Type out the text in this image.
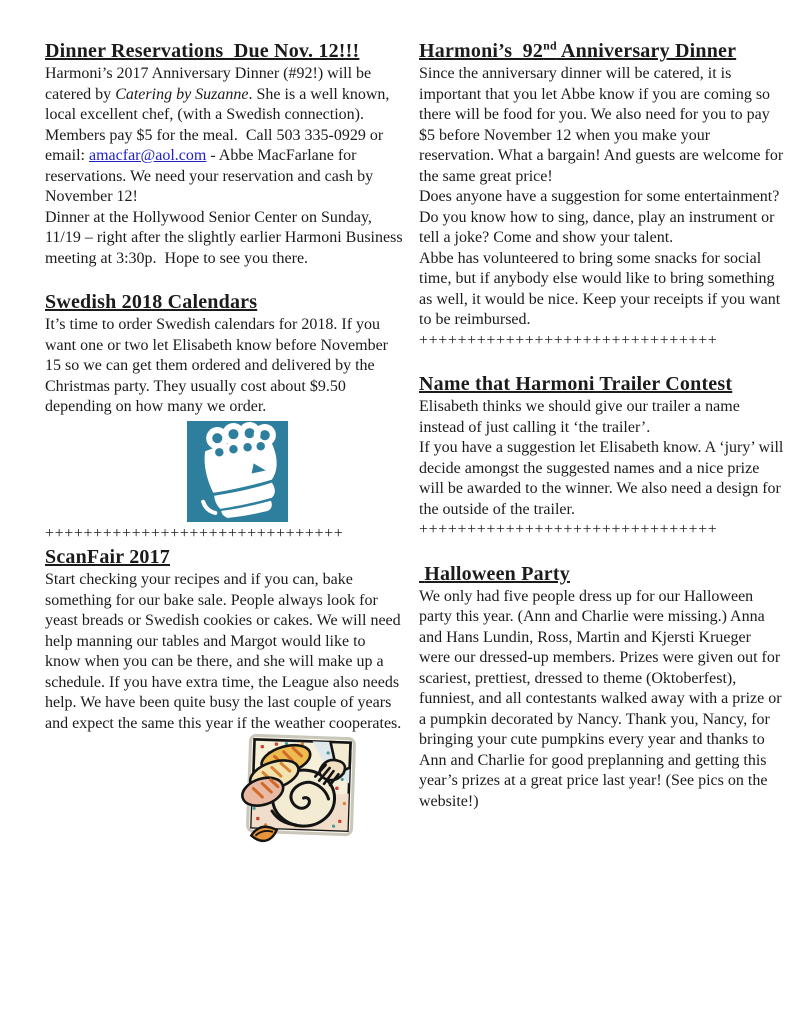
Dinner Reservations  Due Nov. 12!!!

Harmoni’s 2017 Anniversary Dinner (#92!) will be catered by Catering by Suzanne. She is a well known, local excellent chef, (with a Swedish connection).

Members pay $5 for the meal.  Call 503 335-0929 or email: amacfar@aol.com - Abbe MacFarlane for reservations. We need your reservation and cash by November 12!

Dinner at the Hollywood Senior Center on Sunday, 11/19 – right after the slightly earlier Harmoni Business meeting at 3:30p.  Hope to see you there.

Swedish 2018 Calendars

It’s time to order Swedish calendars for 2018. If you want one or two let Elisabeth know before November 15 so we can get them ordered and delivered by the Christmas party. They usually cost about $9.50 depending on how many we order.

+++++++++++++++++++++++++++++++
ScanFair 2017

Start checking your recipes and if you can, bake something for our bake sale. People always look for yeast breads or Swedish cookies or cakes. We will need help manning our tables and Margot would like to know when you can be there, and she will make up a schedule. If you have extra time, the League also needs help. We have been quite busy the last couple of years and expect the same this year if the weather cooperates.

Harmoni’s  92nd Anniversary Dinner

Since the anniversary dinner will be catered, it is important that you let Abbe know if you are coming so there will be food for you. We also need for you to pay $5 before November 12 when you make your reservation. What a bargain! And guests are welcome for the same great price!

Does anyone have a suggestion for some entertainment? Do you know how to sing, dance, play an instrument or tell a joke? Come and show your talent.

Abbe has volunteered to bring some snacks for social time, but if anybody else would like to bring something as well, it would be nice. Keep your receipts if you want to be reimbursed.

+++++++++++++++++++++++++++++++
Name that Harmoni Trailer Contest

Elisabeth thinks we should give our trailer a name instead of just calling it ‘the trailer’.

If you have a suggestion let Elisabeth know. A ‘jury’ will decide amongst the suggested names and a nice prize will be awarded to the winner. We also need a design for the outside of the trailer.

+++++++++++++++++++++++++++++++
Halloween Party

We only had five people dress up for our Halloween party this year. (Ann and Charlie were missing.) Anna and Hans Lundin, Ross, Martin and Kjersti Krueger were our dressed-up members. Prizes were given out for scariest, prettiest, dressed to theme (Oktoberfest), funniest, and all contestants walked away with a prize or a pumpkin decorated by Nancy. Thank you, Nancy, for bringing your cute pumpkins every year and thanks to Ann and Charlie for good preplanning and getting this year’s prizes at a great price last year! (See pics on the website!)
